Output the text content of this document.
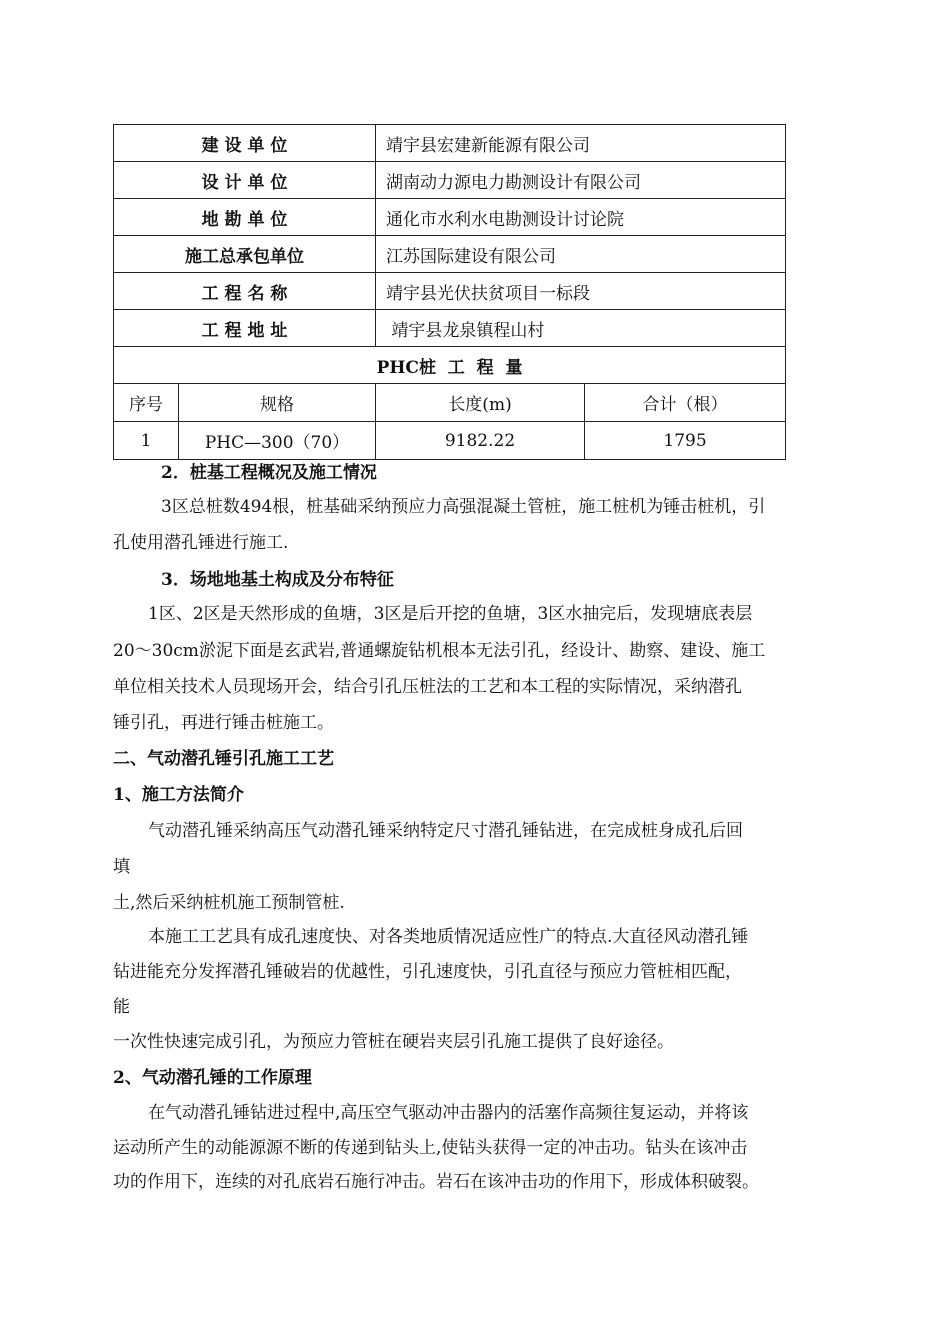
建 设 单 位		靖宇县宏建新能源有限公司	
设 计 单 位		湖南动力源电力勘测设计有限公司	
地 勘 单 位		通化市水利水电勘测设计讨论院	
施工总承包单位		江苏国际建设有限公司	
工 程 名 称		靖宇县光伏扶贫项目一标段	
工 程 地 址		靖宇县龙泉镇程山村	
PHC桩  工  程  量			
序号	规格	长度(m)	合计（根）
1	PHC—300（70）	9182.22	1795
2．桩基工程概况及施工情况
3区总桩数494根，桩基础采纳预应力高强混凝土管桩，施工桩机为锤击桩机，引
孔使用潜孔锤进行施工.
3．场地地基土构成及分布特征
1区、2区是天然形成的鱼塘，3区是后开挖的鱼塘，3区水抽完后，发现塘底表层
20～30cm淤泥下面是玄武岩,普通螺旋钻机根本无法引孔，经设计、勘察、建设、施工
单位相关技术人员现场开会，结合引孔压桩法的工艺和本工程的实际情况，采纳潜孔
锤引孔，再进行锤击桩施工。
二、气动潜孔锤引孔施工工艺
1、施工方法简介
气动潜孔锤采纳高压气动潜孔锤采纳特定尺寸潜孔锤钻进，在完成桩身成孔后回
填
土,然后采纳桩机施工预制管桩.
本施工工艺具有成孔速度快、对各类地质情况适应性广的特点.大直径风动潜孔锤
钻进能充分发挥潜孔锤破岩的优越性，引孔速度快，引孔直径与预应力管桩相匹配，
能
一次性快速完成引孔，为预应力管桩在硬岩夹层引孔施工提供了良好途径。
2、气动潜孔锤的工作原理
在气动潜孔锤钻进过程中,高压空气驱动冲击器内的活塞作高频往复运动，并将该
运动所产生的动能源源不断的传递到钻头上,使钻头获得一定的冲击功。钻头在该冲击
功的作用下，连续的对孔底岩石施行冲击。岩石在该冲击功的作用下，形成体积破裂。
